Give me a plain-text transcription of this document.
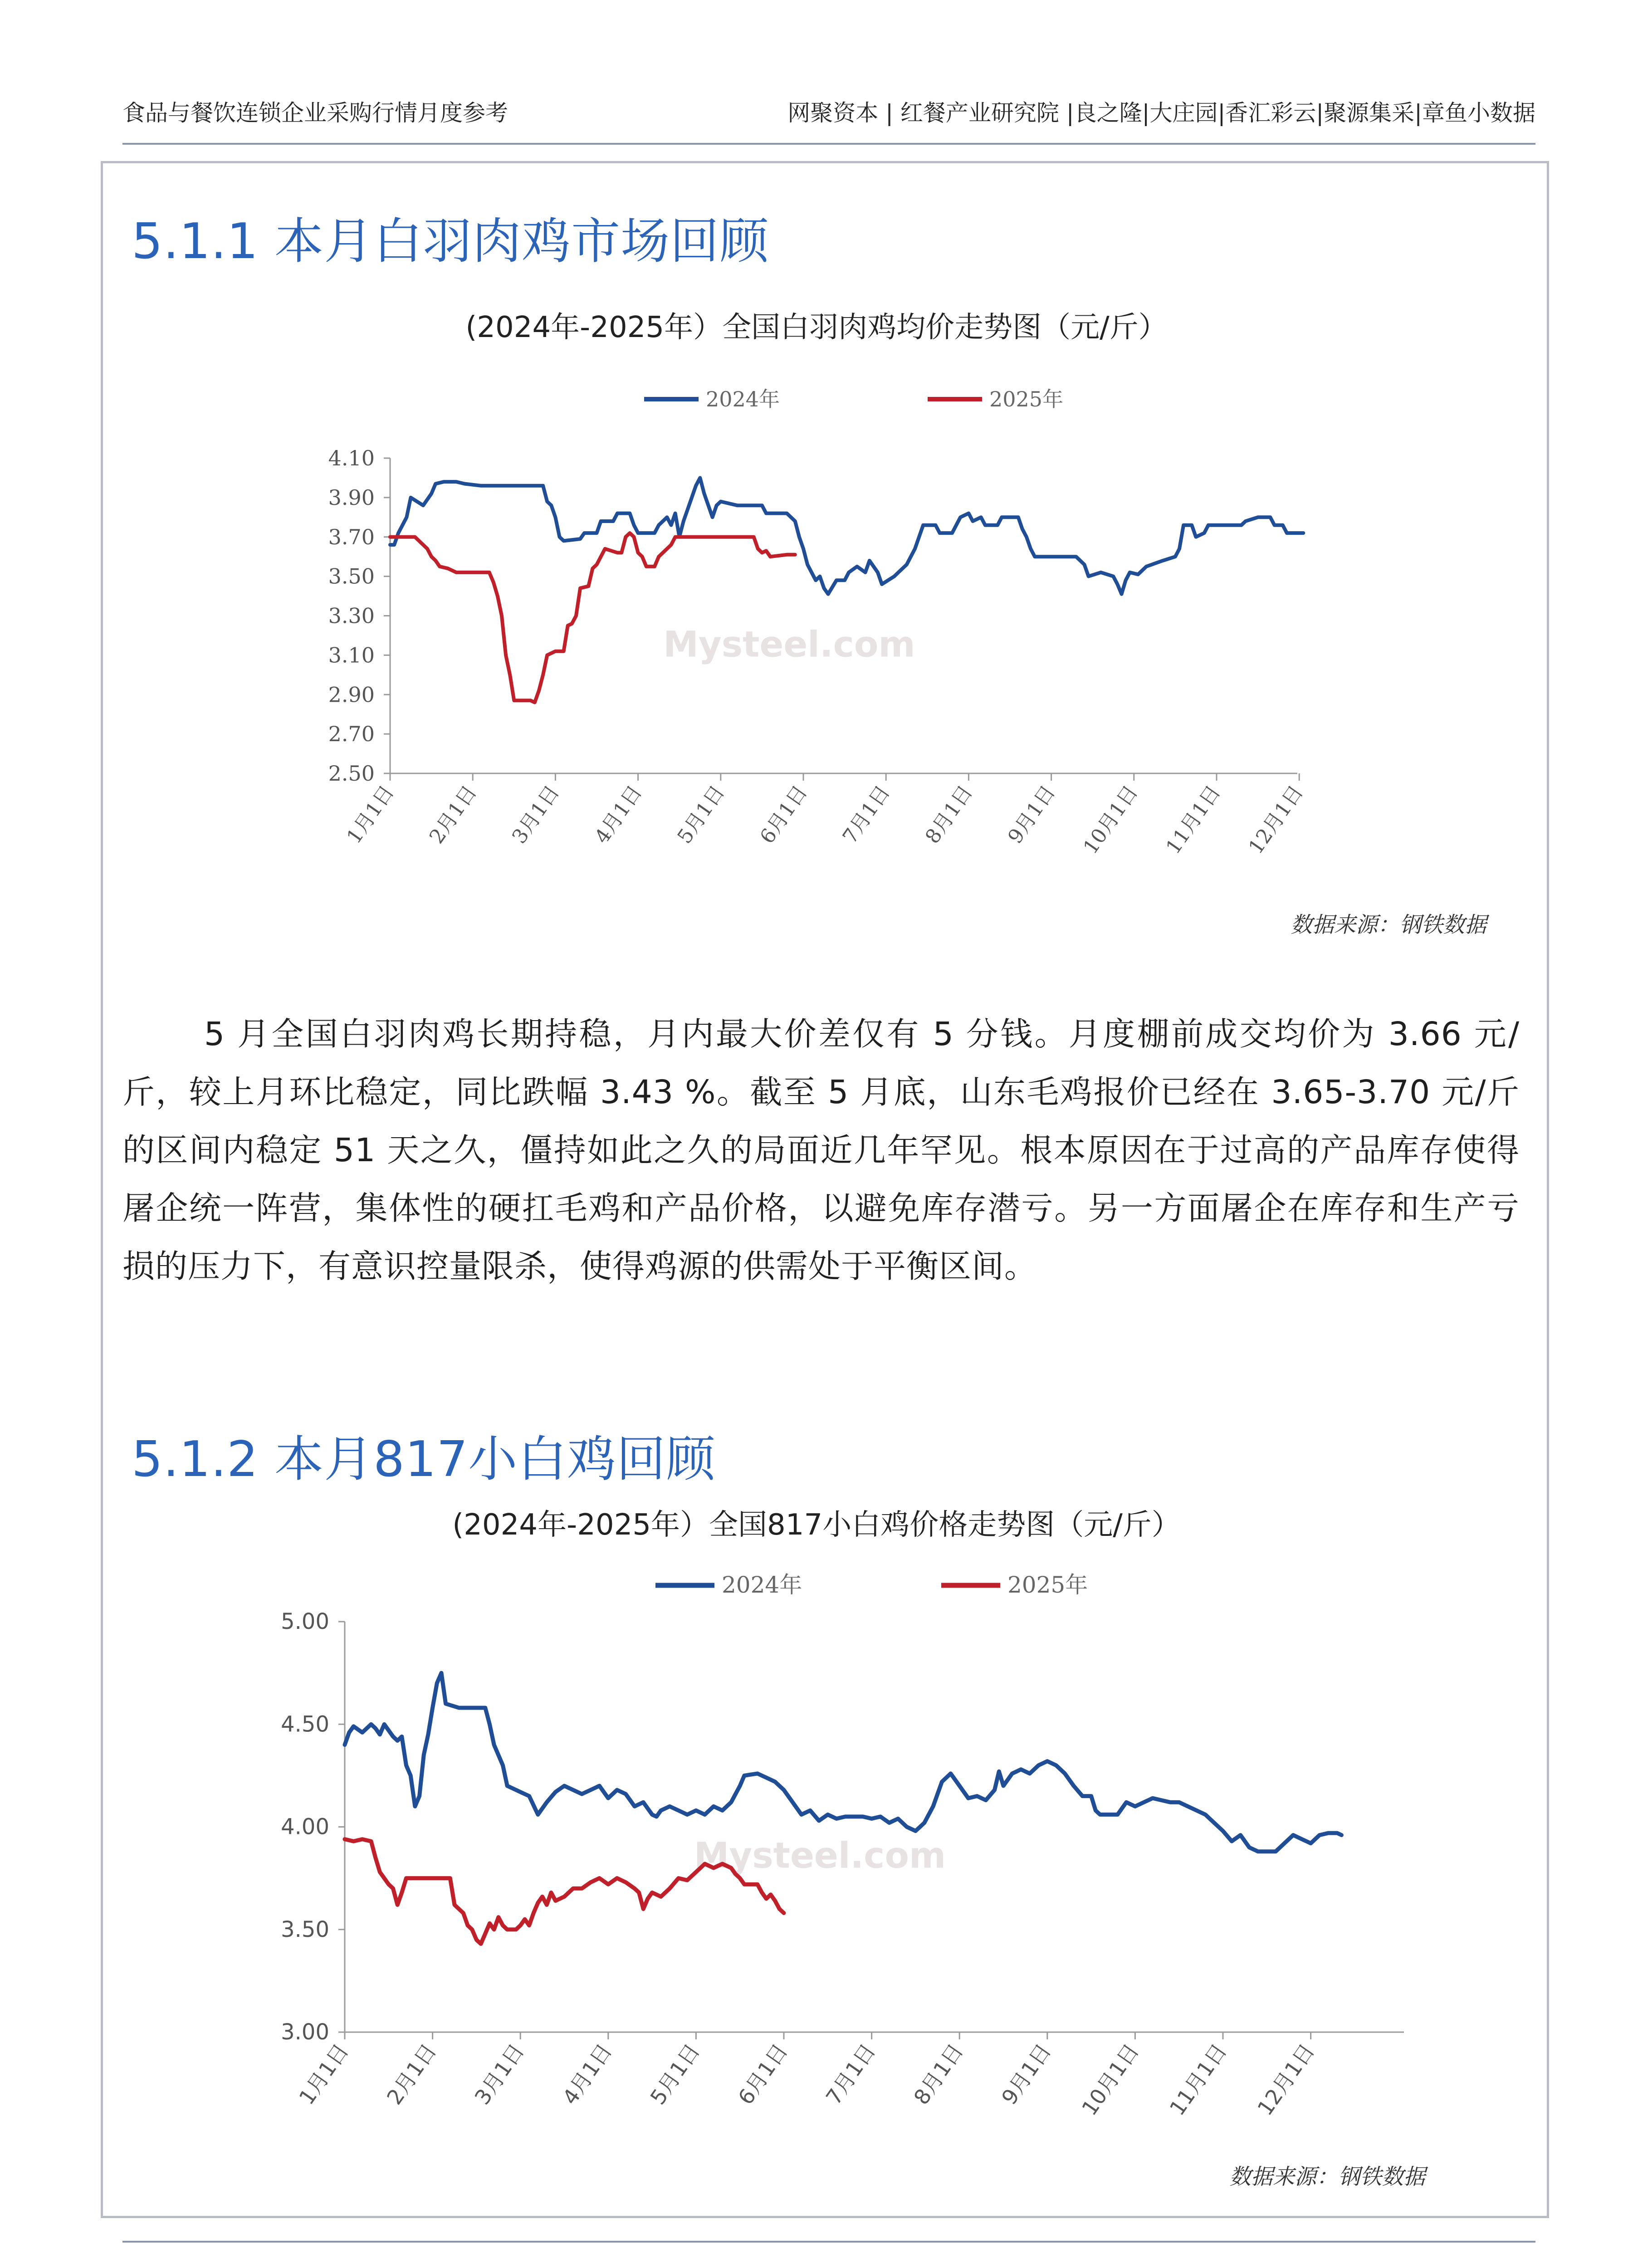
食品与餐饮连锁企业采购行情月度参考	网聚资本 | 红餐产业研究院 |良之隆|大庄园|香汇彩云|聚源集采|章鱼小数据
5.1.1 本月白羽肉鸡市场回顾
(2024年-2025年）全国白羽肉鸡均价走势图（元/斤）
Mysteel.com
4.10
3.90
3.70
3.50
3.30
3.10
2.90
2.70
2.50
1月1日 2月1日 3月1日 4月1日 5月1日 6月1日 7月1日 8月1日 9月1日 10月1日 11月1日 12月1日
2024年	2025年
数据来源：钢铁数据

5 月全国白羽肉鸡长期持稳，月内最大价差仅有 5 分钱。月度棚前成交均价为 3.66 元/斤，较上月环比稳定，同比跌幅 3.43 %。截至 5 月底，山东毛鸡报价已经在 3.65-3.70 元/斤的区间内稳定 51 天之久，僵持如此之久的局面近几年罕见。根本原因在于过高的产品库存使得屠企统一阵营，集体性的硬扛毛鸡和产品价格，以避免库存潜亏。另一方面屠企在库存和生产亏损的压力下，有意识控量限杀，使得鸡源的供需处于平衡区间。

5.1.2 本月817小白鸡回顾
(2024年-2025年）全国817小白鸡价格走势图（元/斤）
Mysteel.com
5.00
4.50
4.00
3.50
3.00
1月1日 2月1日 3月1日 4月1日 5月1日 6月1日 7月1日 8月1日 9月1日 10月1日 11月1日 12月1日
2024年	2025年
数据来源：钢铁数据
